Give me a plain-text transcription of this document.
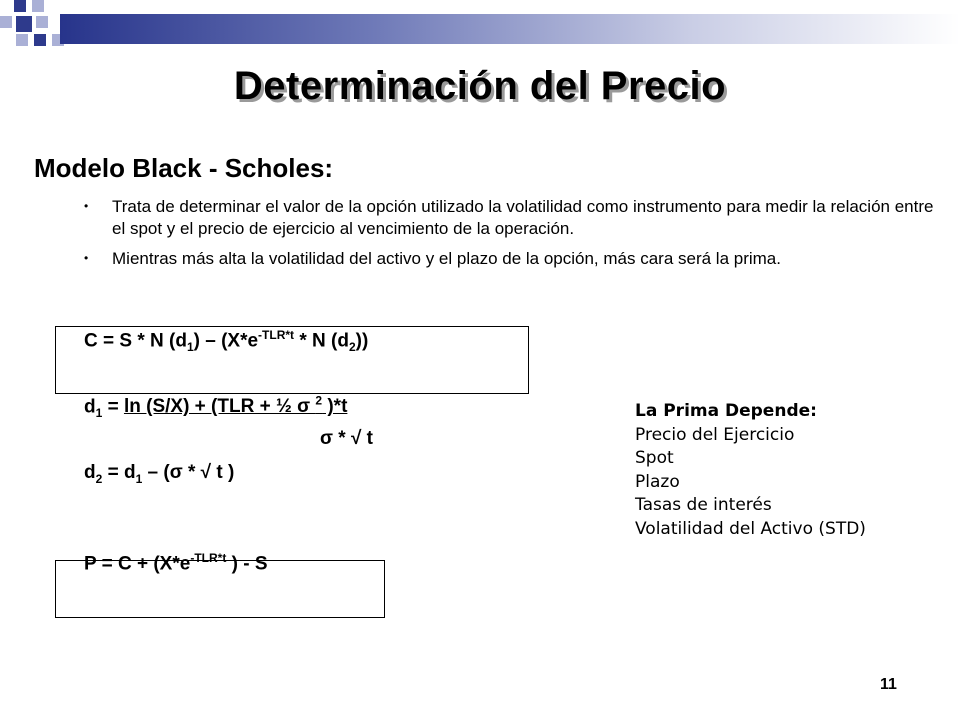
Determinación del Precio
Modelo Black - Scholes:
• Trata de determinar el valor de la opción utilizado la volatilidad como instrumento para medir la relación entre el spot y el precio de ejercicio al vencimiento de la operación.
• Mientras más alta la volatilidad del activo y el plazo de la opción, más cara será la prima.
C = S * N $(d_1) - (X*e^{-TLR*t}$ * N $(d_2)$)
$d_1 = \ln (S/X) + (TLR$ + ½ σ $^2$ )*t
σ * √ t
$d_2 = d_1 - (\sigma$ * √ t )
$P = C + (X*e^{-TLR*t}$ ) - S
La Prima Depende:
Precio del Ejercicio
Spot
Plazo
Tasas de interés
Volatilidad del Activo (STD)
11
